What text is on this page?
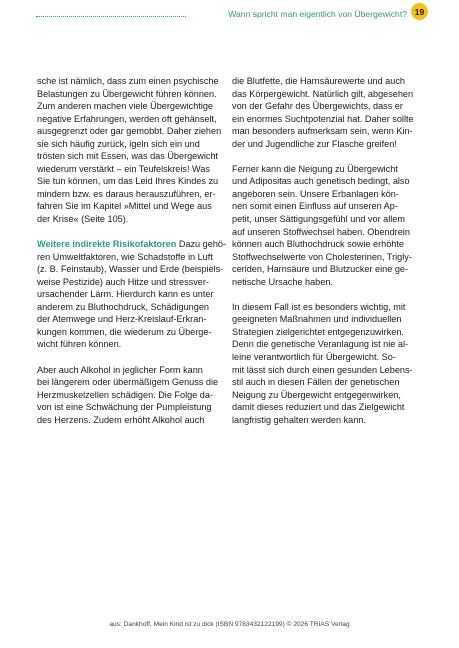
Wann spricht man eigentlich von Übergewicht? 19

sche ist nämlich, dass zum einen psychische
Belastungen zu Übergewicht führen können.
Zum anderen machen viele Übergewichtige
negative Erfahrungen, werden oft gehänselt,
ausgegrenzt oder gar gemobbt. Daher ziehen
sie sich häufig zurück, igeln sich ein und
trösten sich mit Essen, was das Übergewicht
wiederum verstärkt – ein Teufelskreis! Was
Sie tun können, um das Leid Ihres Kindes zu
mindern bzw. es daraus herauszuführen, er-
fahren Sie im Kapitel »Mittel und Wege aus
der Krise« (Seite 105).

Weitere indirekte Risikofaktoren Dazu gehö-
ren Umweltfaktoren, wie Schadstoffe in Luft
(z. B. Feinstaub), Wasser und Erde (beispiels-
weise Pestizide) auch Hitze und stressver-
ursachender Lärm. Hierdurch kann es unter
anderem zu Bluthochdruck, Schädigungen
der Atemwege und Herz-Kreislauf-Erkran-
kungen kommen, die wiederum zu Überge-
wicht führen können.

Aber auch Alkohol in jeglicher Form kann
bei längerem oder übermäßigem Genuss die
Herzmuskelzellen schädigen. Die Folge da-
von ist eine Schwächung der Pumpleistung
des Herzens. Zudem erhöht Alkohol auch

die Blutfette, die Harnsäurewerte und auch
das Körpergewicht. Natürlich gilt, abgesehen
von der Gefahr des Übergewichts, dass er
ein enormes Suchtpotenzial hat. Daher sollte
man besonders aufmerksam sein, wenn Kin-
der und Jugendliche zur Flasche greifen!

Ferner kann die Neigung zu Übergewicht
und Adipositas auch genetisch bedingt, also
angeboren sein. Unsere Erbanlagen kön-
nen somit einen Einfluss auf unseren Ap-
petit, unser Sättigungsgefühl und vor allem
auf unseren Stoffwechsel haben. Obendrein
können auch Bluthochdruck sowie erhöhte
Stoffwechselwerte von Cholesterinen, Trigly-
ceriden, Harnsäure und Blutzucker eine ge-
netische Ursache haben.

In diesem Fall ist es besonders wichtig, mit
geeigneten Maßnahmen und individuellen
Strategien zielgerichtet entgegenzuwirken.
Denn die genetische Veranlagung ist nie al-
leine verantwortlich für Übergewicht. So-
mit lässt sich durch einen gesunden Lebens-
stil auch in diesen Fällen der genetischen
Neigung zu Übergewicht entgegenwirken,
damit dieses reduziert und das Zielgewicht
langfristig gehalten werden kann.

aus: Dankhoff, Mein Kind ist zu dick (ISBN 9783432122199) © 2026 TRIAS Verlag
